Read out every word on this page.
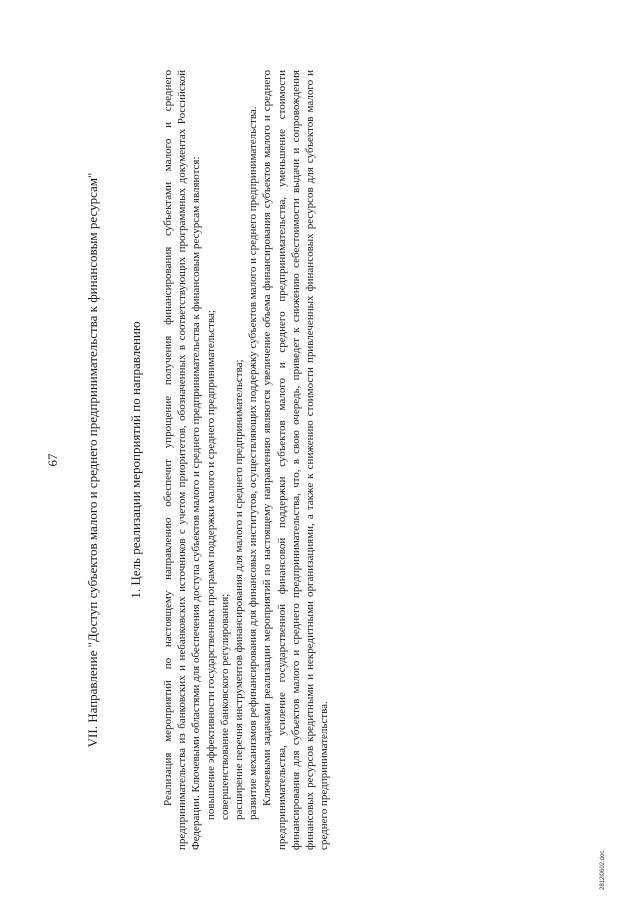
67 VII. Направление "Доступ субъектов малого и среднего предпринимательства к финансовым ресурсам" 1. Цель реализации мероприятий по направлению Реализация мероприятий по настоящему направлению обеспечит упрощение получения финансирования субъектами малого и среднего предпринимательства из банковских и небанковских источников с учетом приоритетов, обозначенных в соответствующих программных документах Российской Федерации. Ключевыми областями для обеспечения доступа субъектов малого и среднего предпринимательства к финансовым ресурсам являются: повышение эффективности государственных программ поддержки малого и среднего предпринимательства; совершенствование банковского регулирования; расширение перечня инструментов финансирования для малого и среднего предпринимательства; развитие механизмов рефинансирования для финансовых институтов, осуществляющих поддержку субъектов малого и среднего предпринимательства. Ключевыми задачами реализации мероприятий по настоящему направлению являются увеличение объема финансирования субъектов малого и среднего предпринимательства, усиление государственной финансовой поддержки субъектов малого и среднего предпринимательства, уменьшение стоимости финансирования для субъектов малого и среднего предпринимательства, что, в свою очередь, приведет к снижению себестоимости выдачи и сопровождения финансовых ресурсов кредитными и некредитными организациями, а также к снижению стоимости привлеченных финансовых ресурсов для субъектов малого и среднего предпринимательства.

2812l0602.doc
